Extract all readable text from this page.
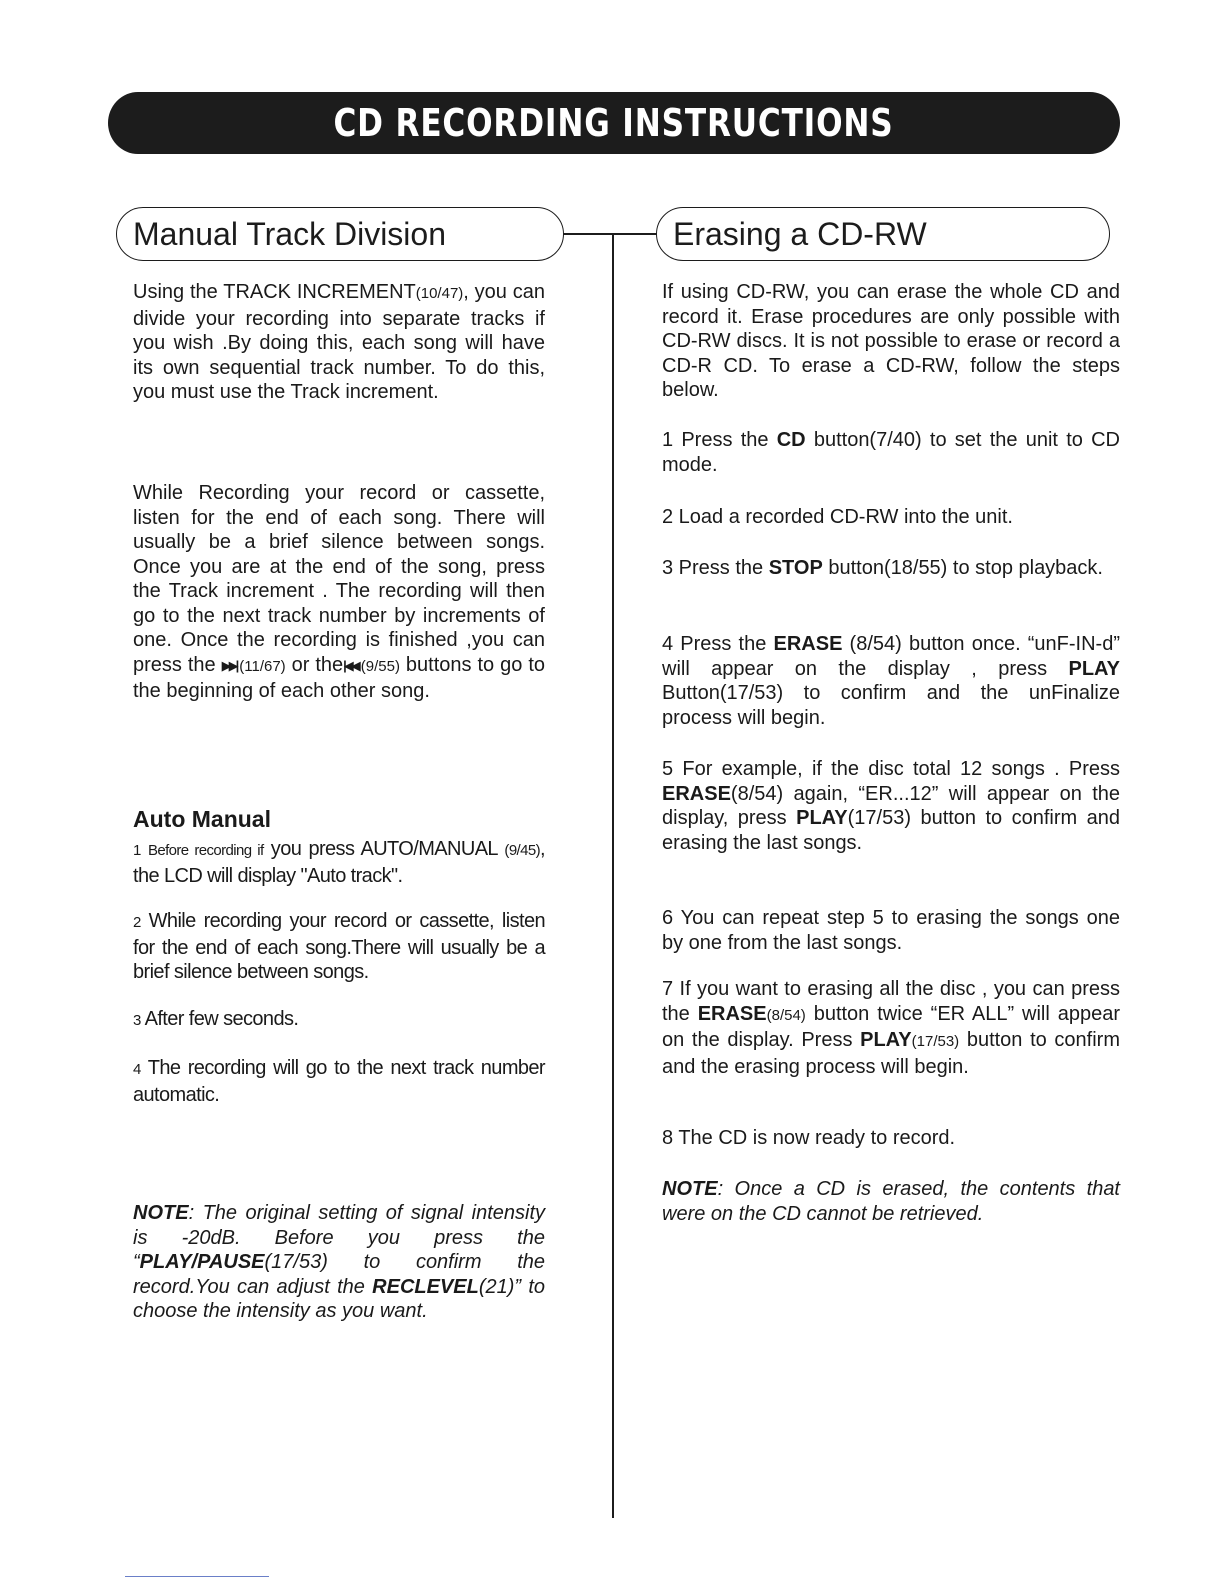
CD RECORDING INSTRUCTIONS
Manual Track Division	Erasing a CD-RW

Using the TRACK INCREMENT(10/47), you can divide your recording into separate tracks if you wish .By doing this, each song will have its own sequential track number. To do this, you must use the Track increment.

While Recording your record or cassette, listen for the end of each song. There will usually be a brief silence between songs. Once you are at the end of the song, press the Track increment . The recording will then go to the next track number by increments of one. Once the recording is finished ,you can press the ▶▶| (11/67) or the|◀◀ (9/55) buttons to go to the beginning of each other song.

Auto Manual

1 Before recording if you press AUTO/MANUAL (9/45), the LCD will display "Auto track".

2 While recording your record or cassette, listen for the end of each song.There will usually be a brief silence between songs.

3 After few seconds.

4 The recording will go to the next track number automatic.

NOTE: The original setting of signal intensity is -20dB. Before you press the “PLAY/PAUSE(17/53) to confirm the record.You can adjust the RECLEVEL(21)” to choose the intensity as you want.

If using CD-RW, you can erase the whole CD and record it. Erase procedures are only possible with CD-RW discs. It is not possible to erase or record a CD-R CD. To erase a CD-RW, follow the steps below.

1 Press the CD button(7/40) to set the unit to CD mode.

2 Load a recorded CD-RW into the unit.

3 Press the STOP button(18/55) to stop playback.

4 Press the ERASE (8/54) button once. “unF-IN-d” will appear on the display , press PLAY Button(17/53) to confirm and the unFinalize process will begin.

5 For example, if the disc total 12 songs . Press ERASE(8/54) again, “ER...12” will appear on the display, press PLAY(17/53) button to confirm and erasing the last songs.

6 You can repeat step 5 to erasing the songs one by one from the last songs.

7 If you want to erasing all the disc , you can press the ERASE(8/54) button twice “ER ALL” will appear on the display. Press PLAY(17/53) button to confirm and the erasing process will begin.

8 The CD is now ready to record.

NOTE: Once a CD is erased, the contents that were on the CD cannot be retrieved.
